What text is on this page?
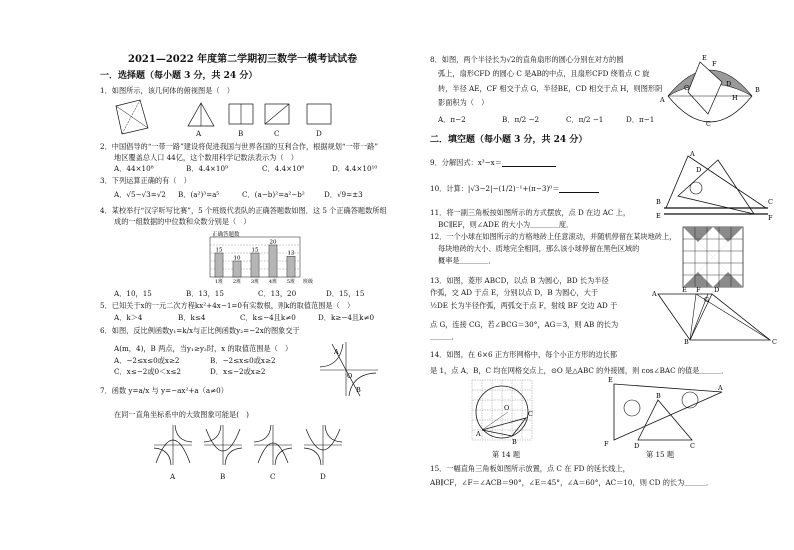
2021—2022 年度第二学期初三数学一模考试试卷
一．选择题（每小题 3 分，共 24 分）
1．如图所示，该几何体的俯视图是（　）
A	B	C	D
2．中国倡导的“一带一路”建设将促进我国与世界各国的互利合作，根据规划“一带一路”
地区覆盖总人口 44亿，这个数用科学记数法表示为（　）
A．44×10⁸	B．4.4×10⁹	C．4.4×10⁸	D．4.4×10¹⁰
3．下列运算正确的有（　）
A．√5−√3=√2 B．(a²)³=a⁵	C．(a−b)²=a²−b²	D．√9=±3
4．某校举行“汉字听写比赛”，5 个班级代表队的正确答题数如图．这 5 个正确答题数所组
成的一组数据的中位数和众数分别是（　）
正确答题数
15
1班
10
2班
15
3班
20
4班
13
5班 班级
A．10，15	B．13，15	C．13，20	D．15，15
5．已知关于x的一元二次方程kx²+4x−1=0有实数根，则k的取值范围是（　）
A．k＞4	B．k≤4	C．k≤−4且k≠0	D．k≥−4且k≠0
6．如图，反比例函数y₁=k/x与正比例函数y₂=−2x的图象交于
A(m，4)，B 两点，当y₁≥y₂时，x 的取值范围是（　）
A．−2≤x≤0或x≥2	B．−2≤x≤0或x≥2
C．x≤−2或0＜x≤2	D．x≤−2或x≥2
A
B
O
7．函数 y=a/x 与 y=−ax²+a（a≠0）
在同一直角坐标系中的大致图象可能是(　)
A	B	C	D
8．如图，两个半径长为√2的直角扇形的圆心分别在对方的圆
弧上，扇形CFD 的圆心 C 是AB的中点，且扇形CFD 绕着点 C 旋
转，半径 AE，CF 相交于点 G，半径BE，CD 相交于点 H，则图形阴
影面积为（　）
A．π−2	B．π/2 −2	C．π/2 −1	D．π−1
E
F
G	D
H
A
B
C
二．填空题（每小题 3 分，共 24 分）
9．分解因式：x³−x＝
10．计算：|√3−2|−(1/2)⁻¹+(π−3)⁰＝
A
D
B
E
C
F
11．将一副三角板按如图所示的方式摆放，点 D 在边 AC 上，
BC∥EF，则∠ADE 的大小为＿＿＿＿度．
12．一个小球在如图所示的方格地砖上任意滚动，并随机停留在某块地砖上，
每块地砖的大小、质地完全相同，那么该小球停留在黑色区域的
概率是＿＿＿＿．
13．如图，菱形 ABCD，以点 B 为圆心，BD 长为半径
作弧，交 AD 于点 E，分别以点 D，B 为圆心，大于
½DE 长为半径作弧，两弧交于点 F，射线 BF 交边 AD 于
点 G，连接 CG，若∠BCG＝30°，AG＝3，则 AB 的长为
＿＿＿．
A	E F D
G
B	C
14．如图，在 6×6 正方形网格中，每个小正方形的边长都
是 1，点 A，B，C 均在网格交点上，⊙O 是△ABC 的外接圆，则 cos∠BAC 的值是＿＿＿．
O
A
B
C
第 14 题
E
B
A
F	D	C
第 15 题
15．一幅直角三角板如图所示放置，点 C 在 FD 的延长线上，
AB∥CF，∠F＝∠ACB＝90°，∠E＝45°，∠A＝60°，AC＝10，则 CD 的长为＿＿＿．
